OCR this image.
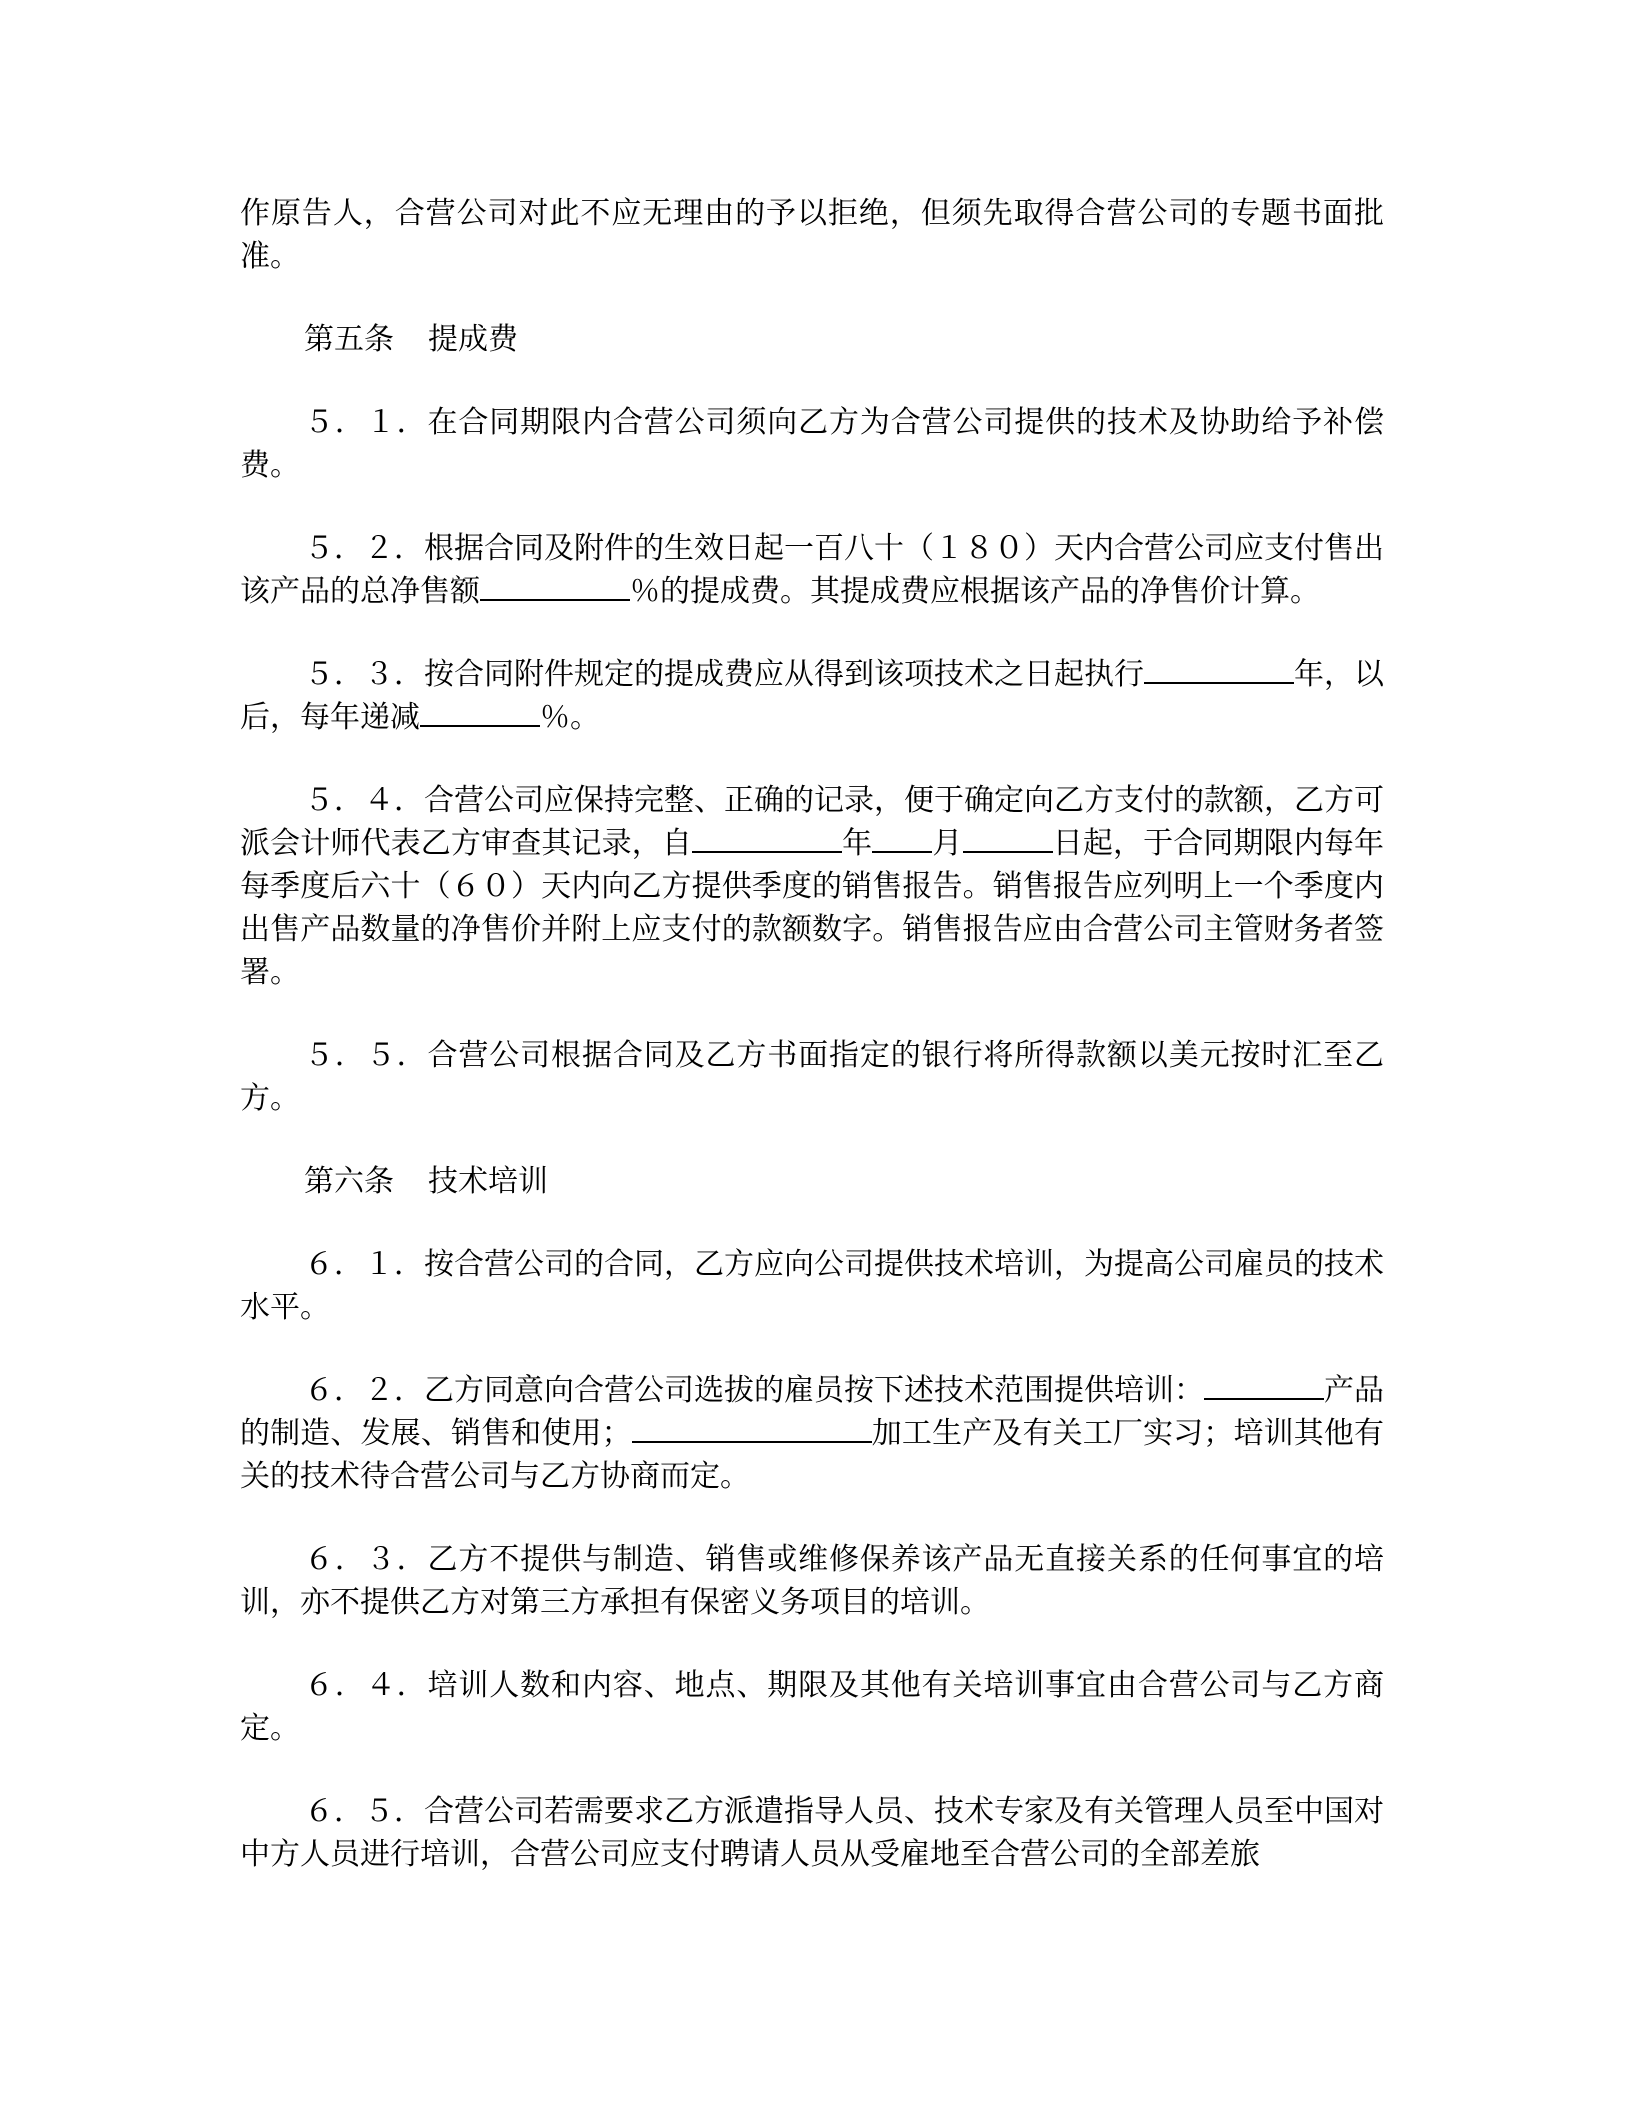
作原告人，合营公司对此不应无理由的予以拒绝，但须先取得合营公司的专题书面批准。

第五条 提成费

５．１．在合同期限内合营公司须向乙方为合营公司提供的技术及协助给予补偿费。

５．２．根据合同及附件的生效日起一百八十（１８０）天内合营公司应支付售出该产品的总净售额	％的提成费。其提成费应根据该产品的净售价计算。

５．３．按合同附件规定的提成费应从得到该项技术之日起执行	年，以后，每年递减	％。

５．４．合营公司应保持完整、正确的记录，便于确定向乙方支付的款额，乙方可派会计师代表乙方审查其记录，自	年 月	日起，于合同期限内每年每季度后六十（６０）天内向乙方提供季度的销售报告。销售报告应列明上一个季度内出售产品数量的净售价并附上应支付的款额数字。销售报告应由合营公司主管财务者签署。

５．５．合营公司根据合同及乙方书面指定的银行将所得款额以美元按时汇至乙方。

第六条 技术培训

６．１．按合营公司的合同，乙方应向公司提供技术培训，为提高公司雇员的技术水平。

６．２．乙方同意向合营公司选拔的雇员按下述技术范围提供培训：	产品的制造、发展、销售和使用；	加工生产及有关工厂实习；培训其他有关的技术待合营公司与乙方协商而定。

６．３．乙方不提供与制造、销售或维修保养该产品无直接关系的任何事宜的培训，亦不提供乙方对第三方承担有保密义务项目的培训。

６．４．培训人数和内容、地点、期限及其他有关培训事宜由合营公司与乙方商定。

６．５．合营公司若需要求乙方派遣指导人员、技术专家及有关管理人员至中国对中方人员进行培训，合营公司应支付聘请人员从受雇地至合营公司的全部差旅
